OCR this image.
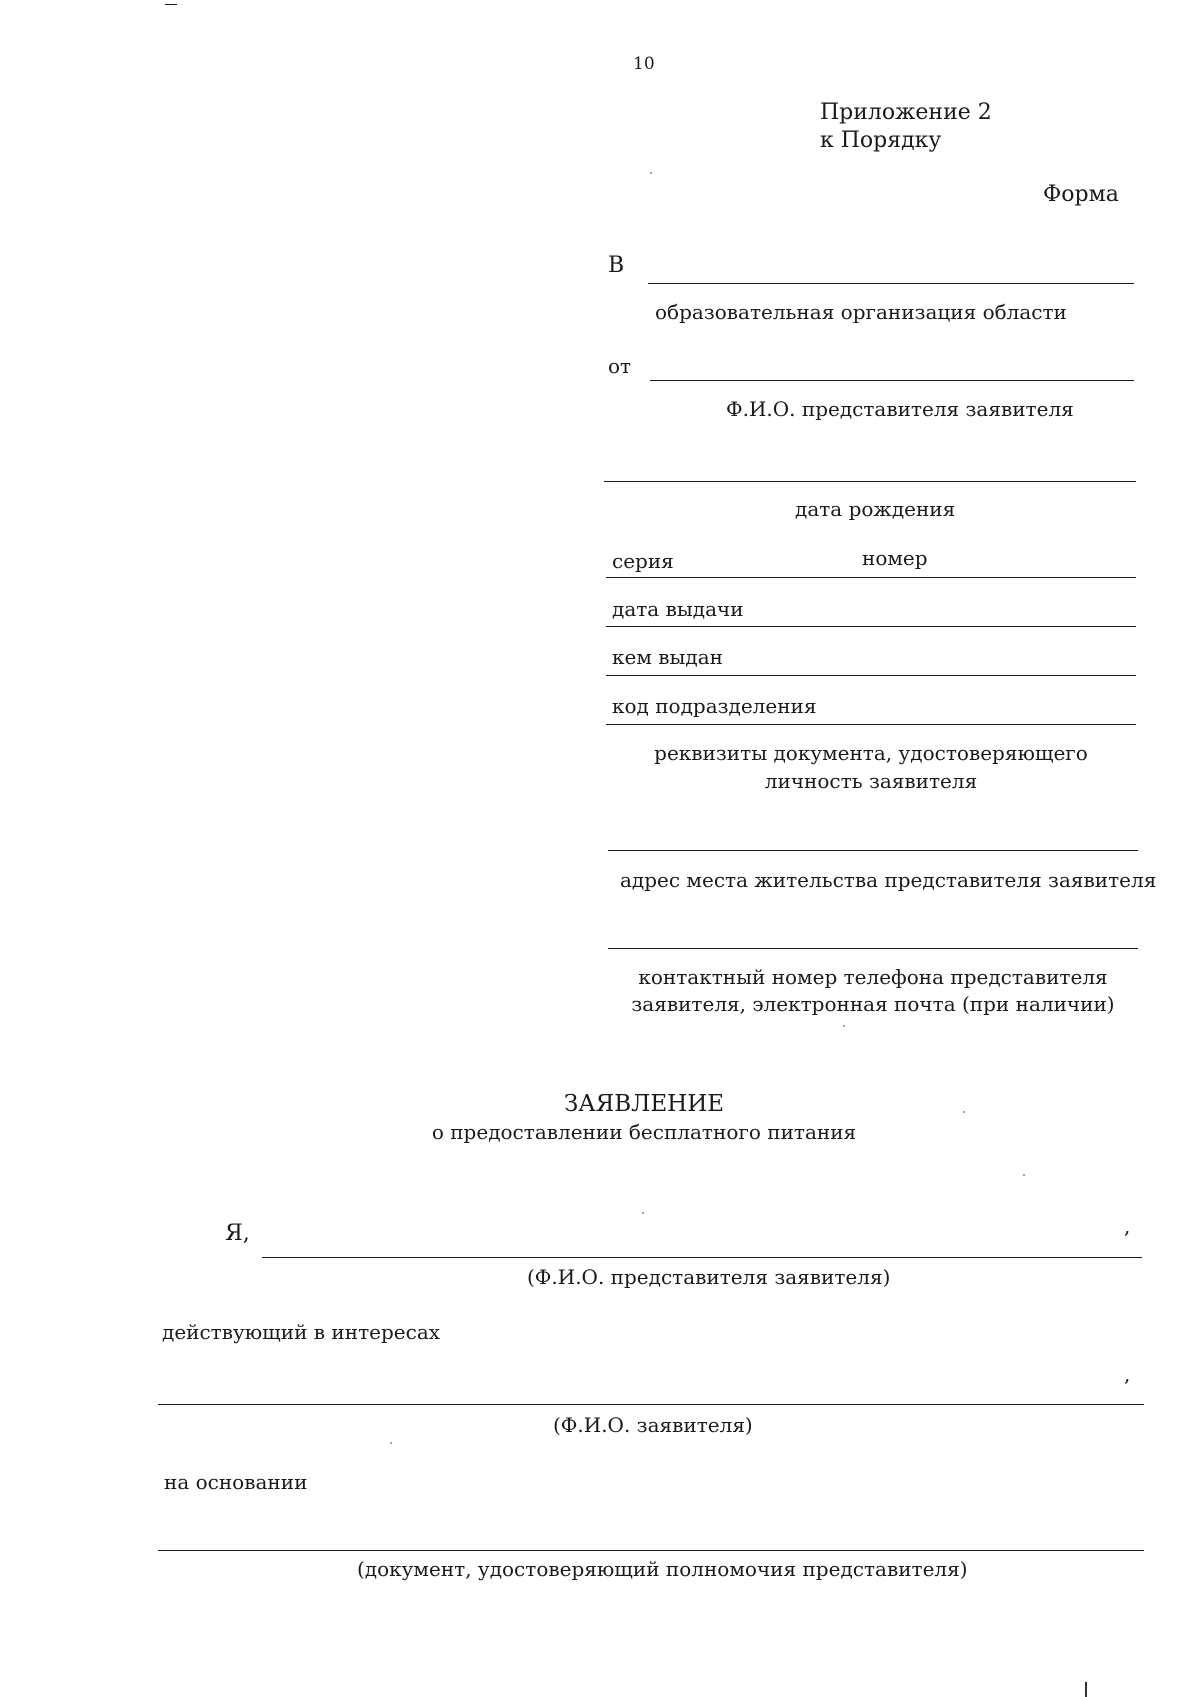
10
Приложение 2
к Порядку
Форма
В
образовательная организация области
от
Ф.И.О. представителя заявителя
дата рождения
серия	номер
дата выдачи
кем выдан
код подразделения
реквизиты документа, удостоверяющего
личность заявителя
адрес места жительства представителя заявителя
контактный номер телефона представителя
заявителя, электронная почта (при наличии)
ЗАЯВЛЕНИЕ
о предоставлении бесплатного питания
Я,	,
(Ф.И.О. представителя заявителя)
действующий в интересах
,
(Ф.И.О. заявителя)
на основании
(документ, удостоверяющий полномочия представителя)
